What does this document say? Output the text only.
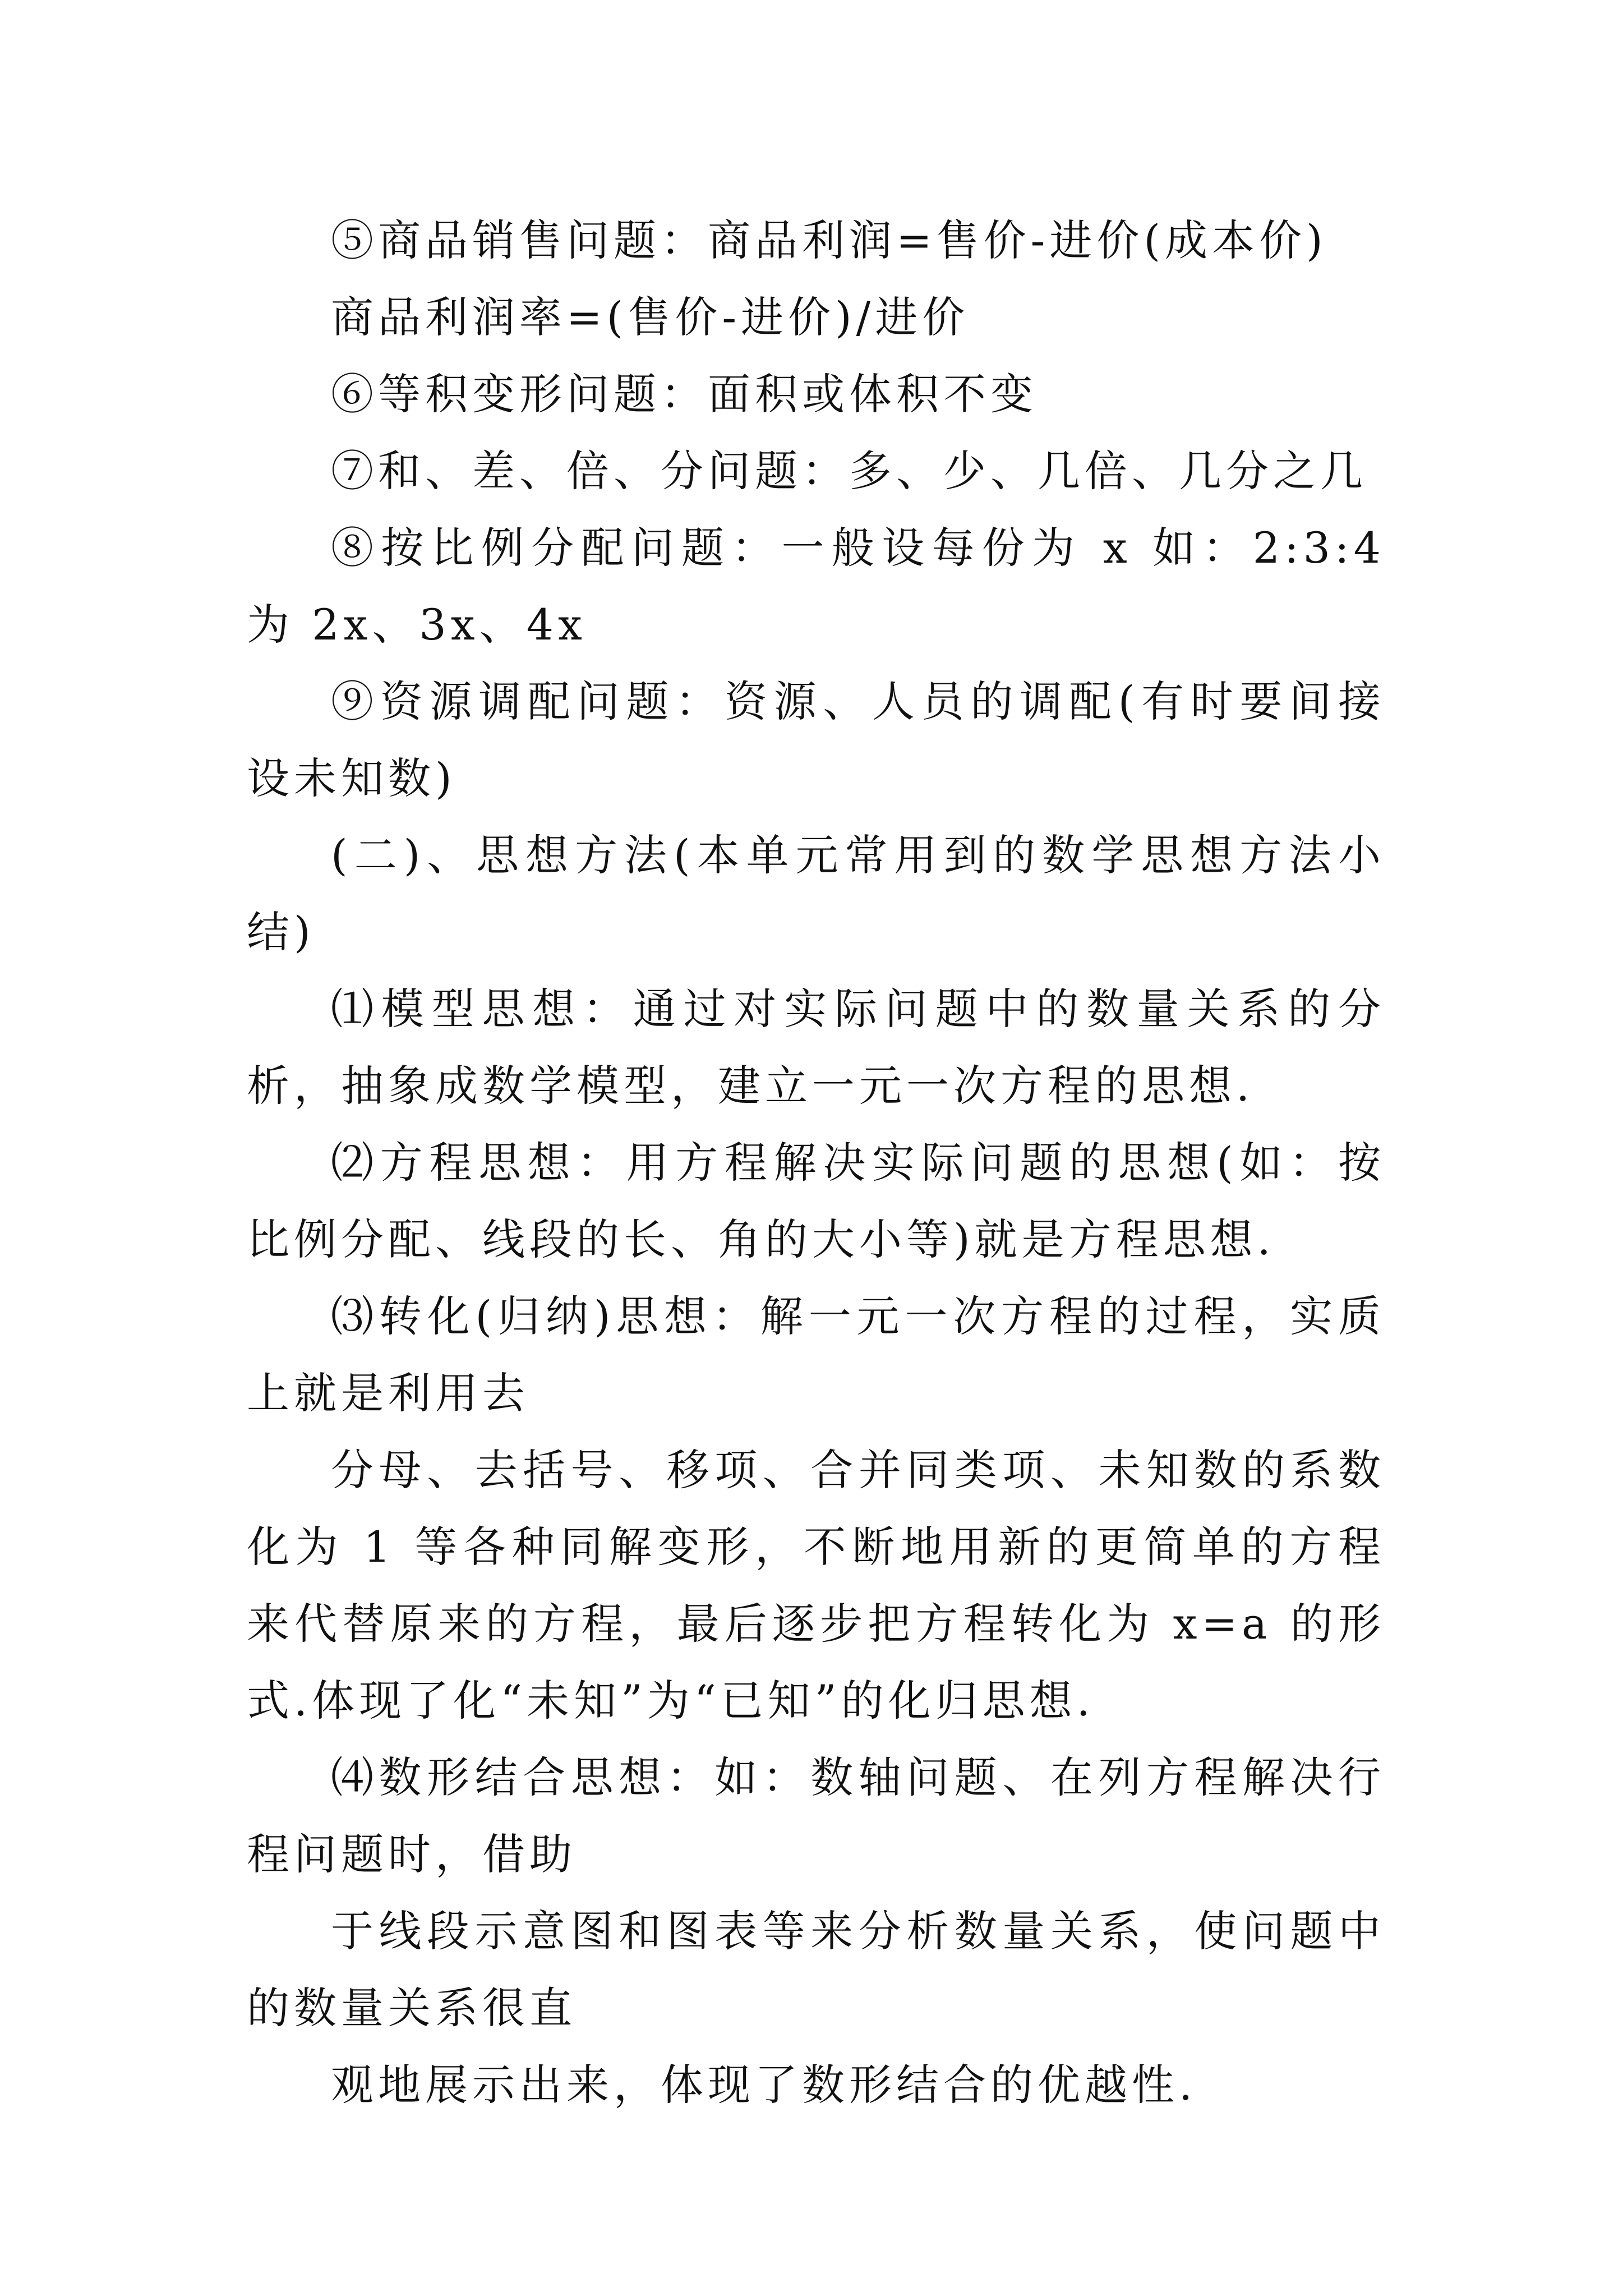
⑤商品销售问题：商品利润=售价-进价(成本价)

商品利润率=(售价-进价)/进价

⑥等积变形问题：面积或体积不变

⑦和、差、倍、分问题：多、少、几倍、几分之几

⑧按比例分配问题：一般设每份为 x 如：2:3:4 为 2x、3x、4x

⑨资源调配问题：资源、人员的调配(有时要间接设未知数)

(二)、思想方法(本单元常用到的数学思想方法小结)

⑴模型思想：通过对实际问题中的数量关系的分析，抽象成数学模型，建立一元一次方程的思想.

⑵方程思想：用方程解决实际问题的思想(如：按比例分配、线段的长、角的大小等)就是方程思想.

⑶转化(归纳)思想：解一元一次方程的过程，实质上就是利用去

分母、去括号、移项、合并同类项、未知数的系数化为 1 等各种同解变形，不断地用新的更简单的方程来代替原来的方程，最后逐步把方程转化为 x=a 的形式.体现了化“未知”为“已知”的化归思想.

⑷数形结合思想：如：数轴问题、在列方程解决行程问题时，借助

于线段示意图和图表等来分析数量关系，使问题中的数量关系很直

观地展示出来，体现了数形结合的优越性.
